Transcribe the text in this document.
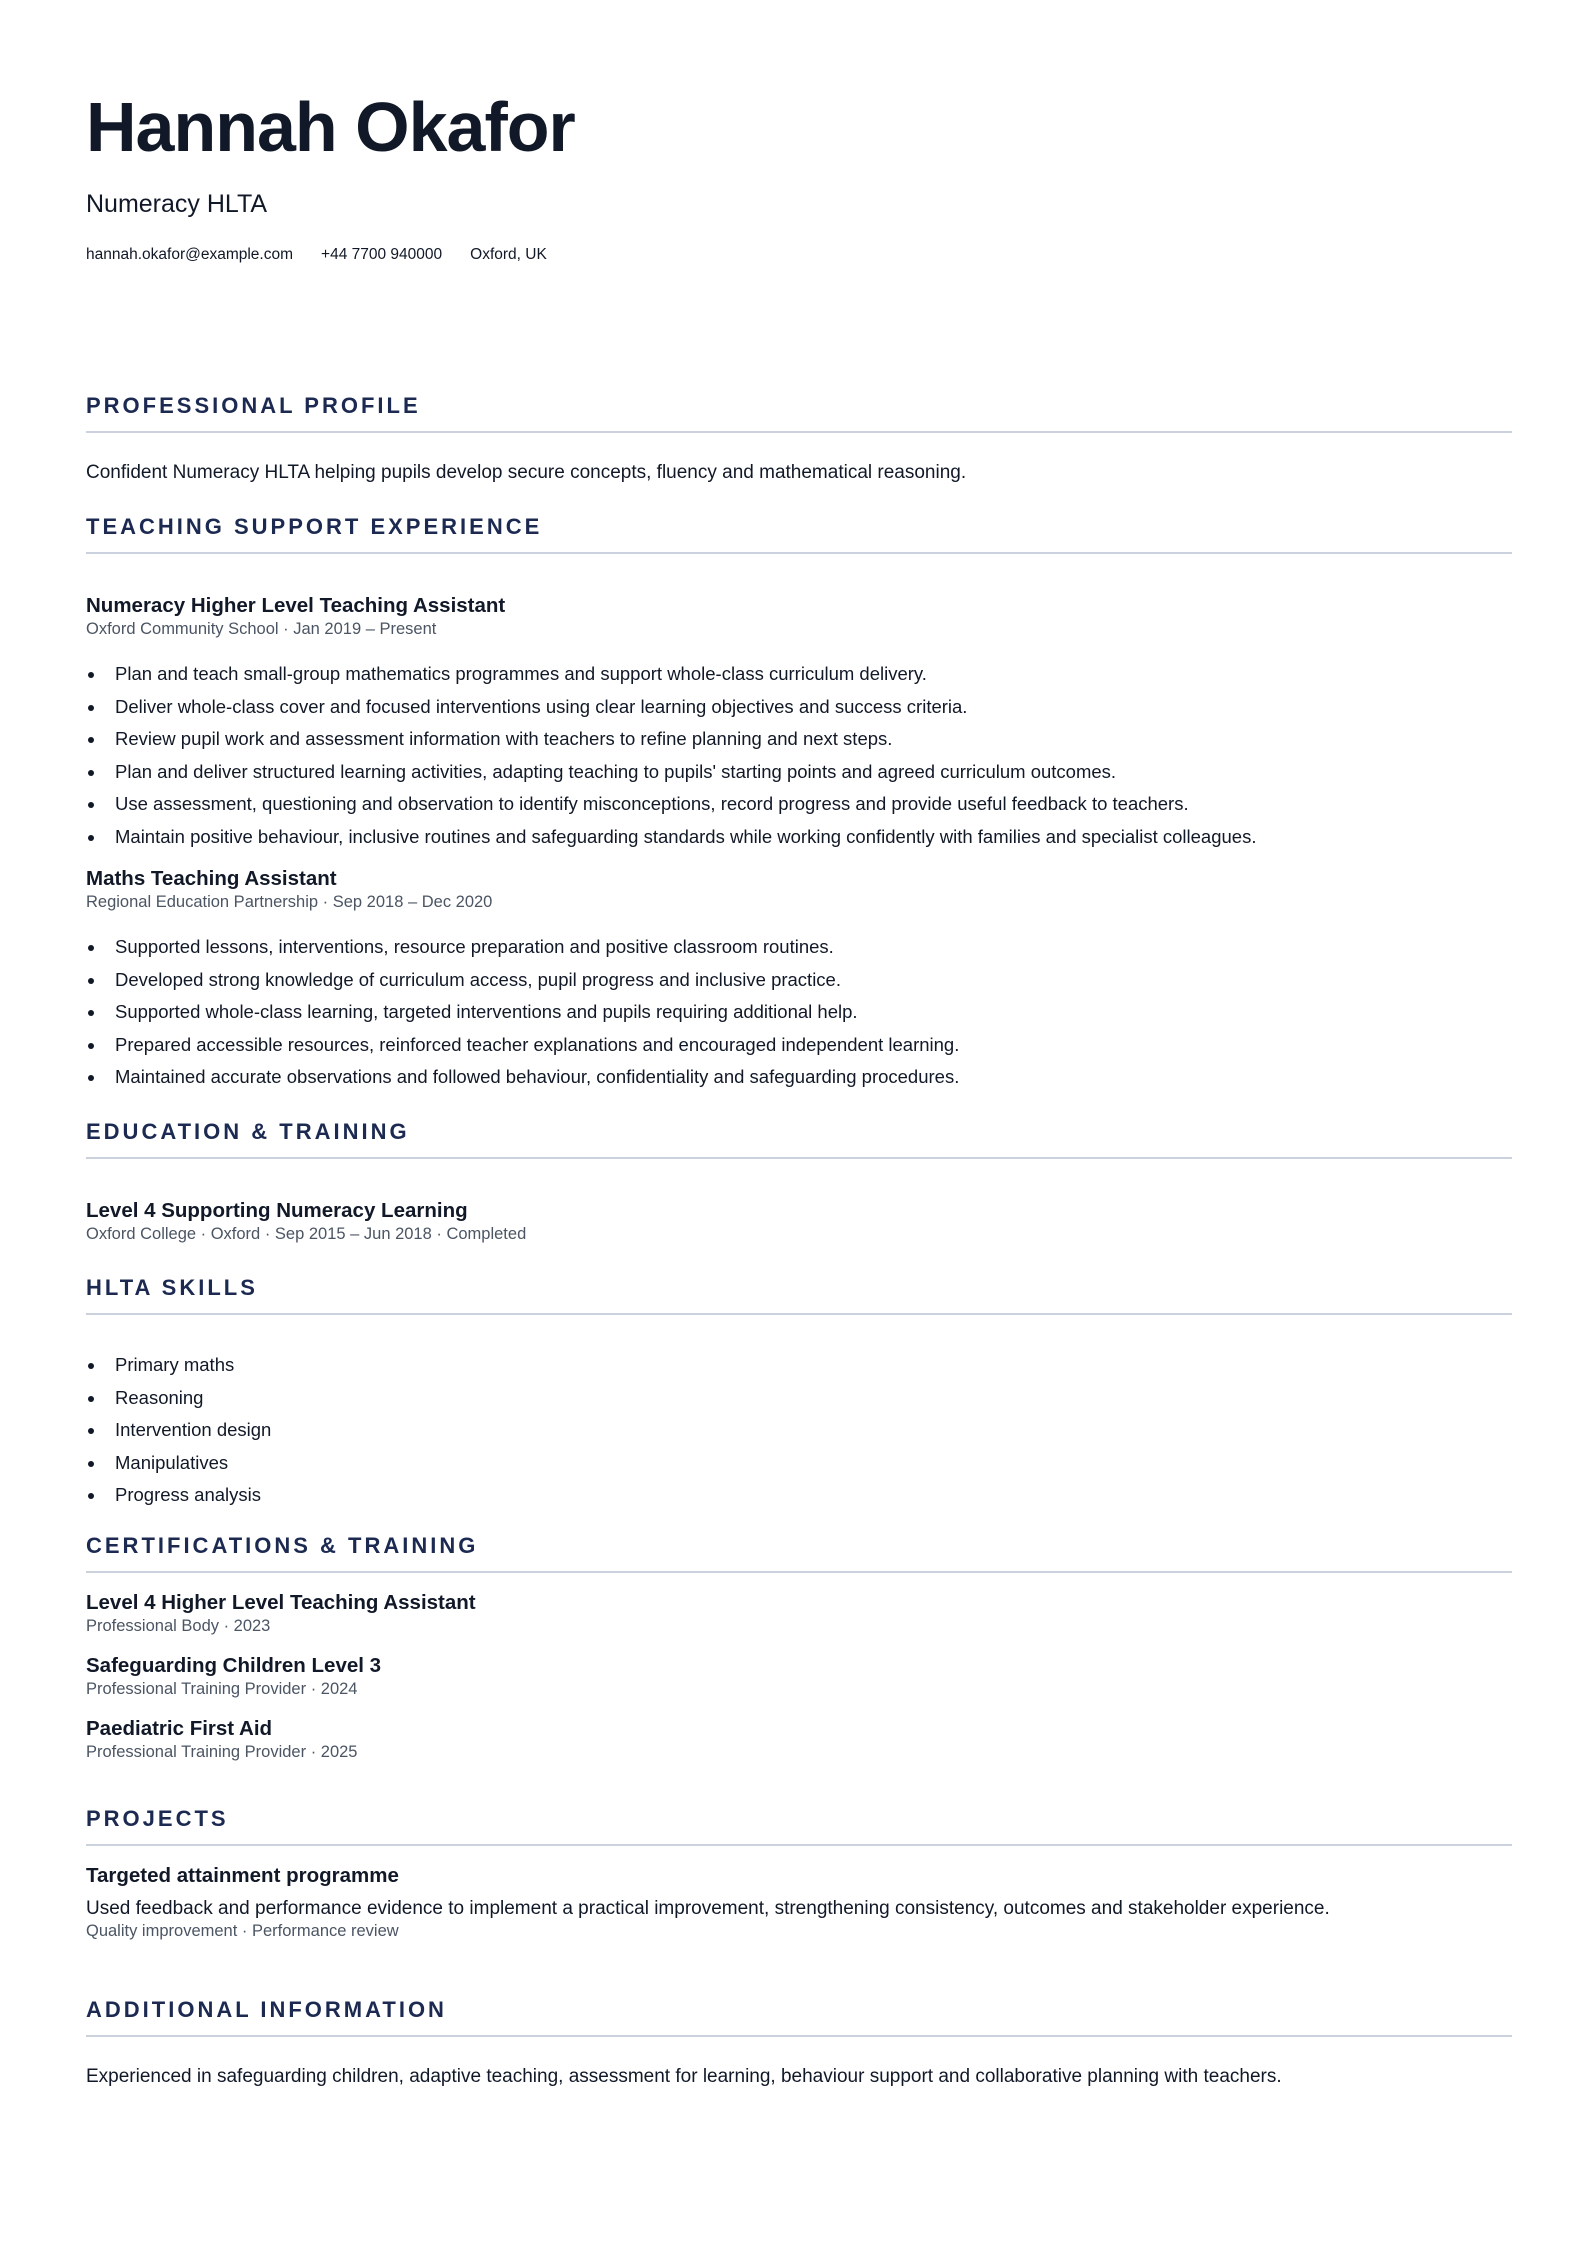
Hannah Okafor
Numeracy HLTA
hannah.okafor@example.com +44 7700 940000 Oxford, UK
PROFESSIONAL PROFILE

Confident Numeracy HLTA helping pupils develop secure concepts, fluency and mathematical reasoning.

TEACHING SUPPORT EXPERIENCE
Numeracy Higher Level Teaching Assistant
Oxford Community School · Jan 2019 – Present
Plan and teach small-group mathematics programmes and support whole-class curriculum delivery.
Deliver whole-class cover and focused interventions using clear learning objectives and success criteria.
Review pupil work and assessment information with teachers to refine planning and next steps.
Plan and deliver structured learning activities, adapting teaching to pupils' starting points and agreed curriculum outcomes.
Use assessment, questioning and observation to identify misconceptions, record progress and provide useful feedback to teachers.
Maintain positive behaviour, inclusive routines and safeguarding standards while working confidently with families and specialist colleagues.
Maths Teaching Assistant
Regional Education Partnership · Sep 2018 – Dec 2020
Supported lessons, interventions, resource preparation and positive classroom routines.
Developed strong knowledge of curriculum access, pupil progress and inclusive practice.
Supported whole-class learning, targeted interventions and pupils requiring additional help.
Prepared accessible resources, reinforced teacher explanations and encouraged independent learning.
Maintained accurate observations and followed behaviour, confidentiality and safeguarding procedures.
EDUCATION & TRAINING
Level 4 Supporting Numeracy Learning
Oxford College · Oxford · Sep 2015 – Jun 2018 · Completed
HLTA SKILLS
Primary maths
Reasoning
Intervention design
Manipulatives
Progress analysis
CERTIFICATIONS & TRAINING
Level 4 Higher Level Teaching Assistant
Professional Body · 2023
Safeguarding Children Level 3
Professional Training Provider · 2024
Paediatric First Aid
Professional Training Provider · 2025
PROJECTS
Targeted attainment programme

Used feedback and performance evidence to implement a practical improvement, strengthening consistency, outcomes and stakeholder experience.

Quality improvement · Performance review
ADDITIONAL INFORMATION

Experienced in safeguarding children, adaptive teaching, assessment for learning, behaviour support and collaborative planning with teachers.
